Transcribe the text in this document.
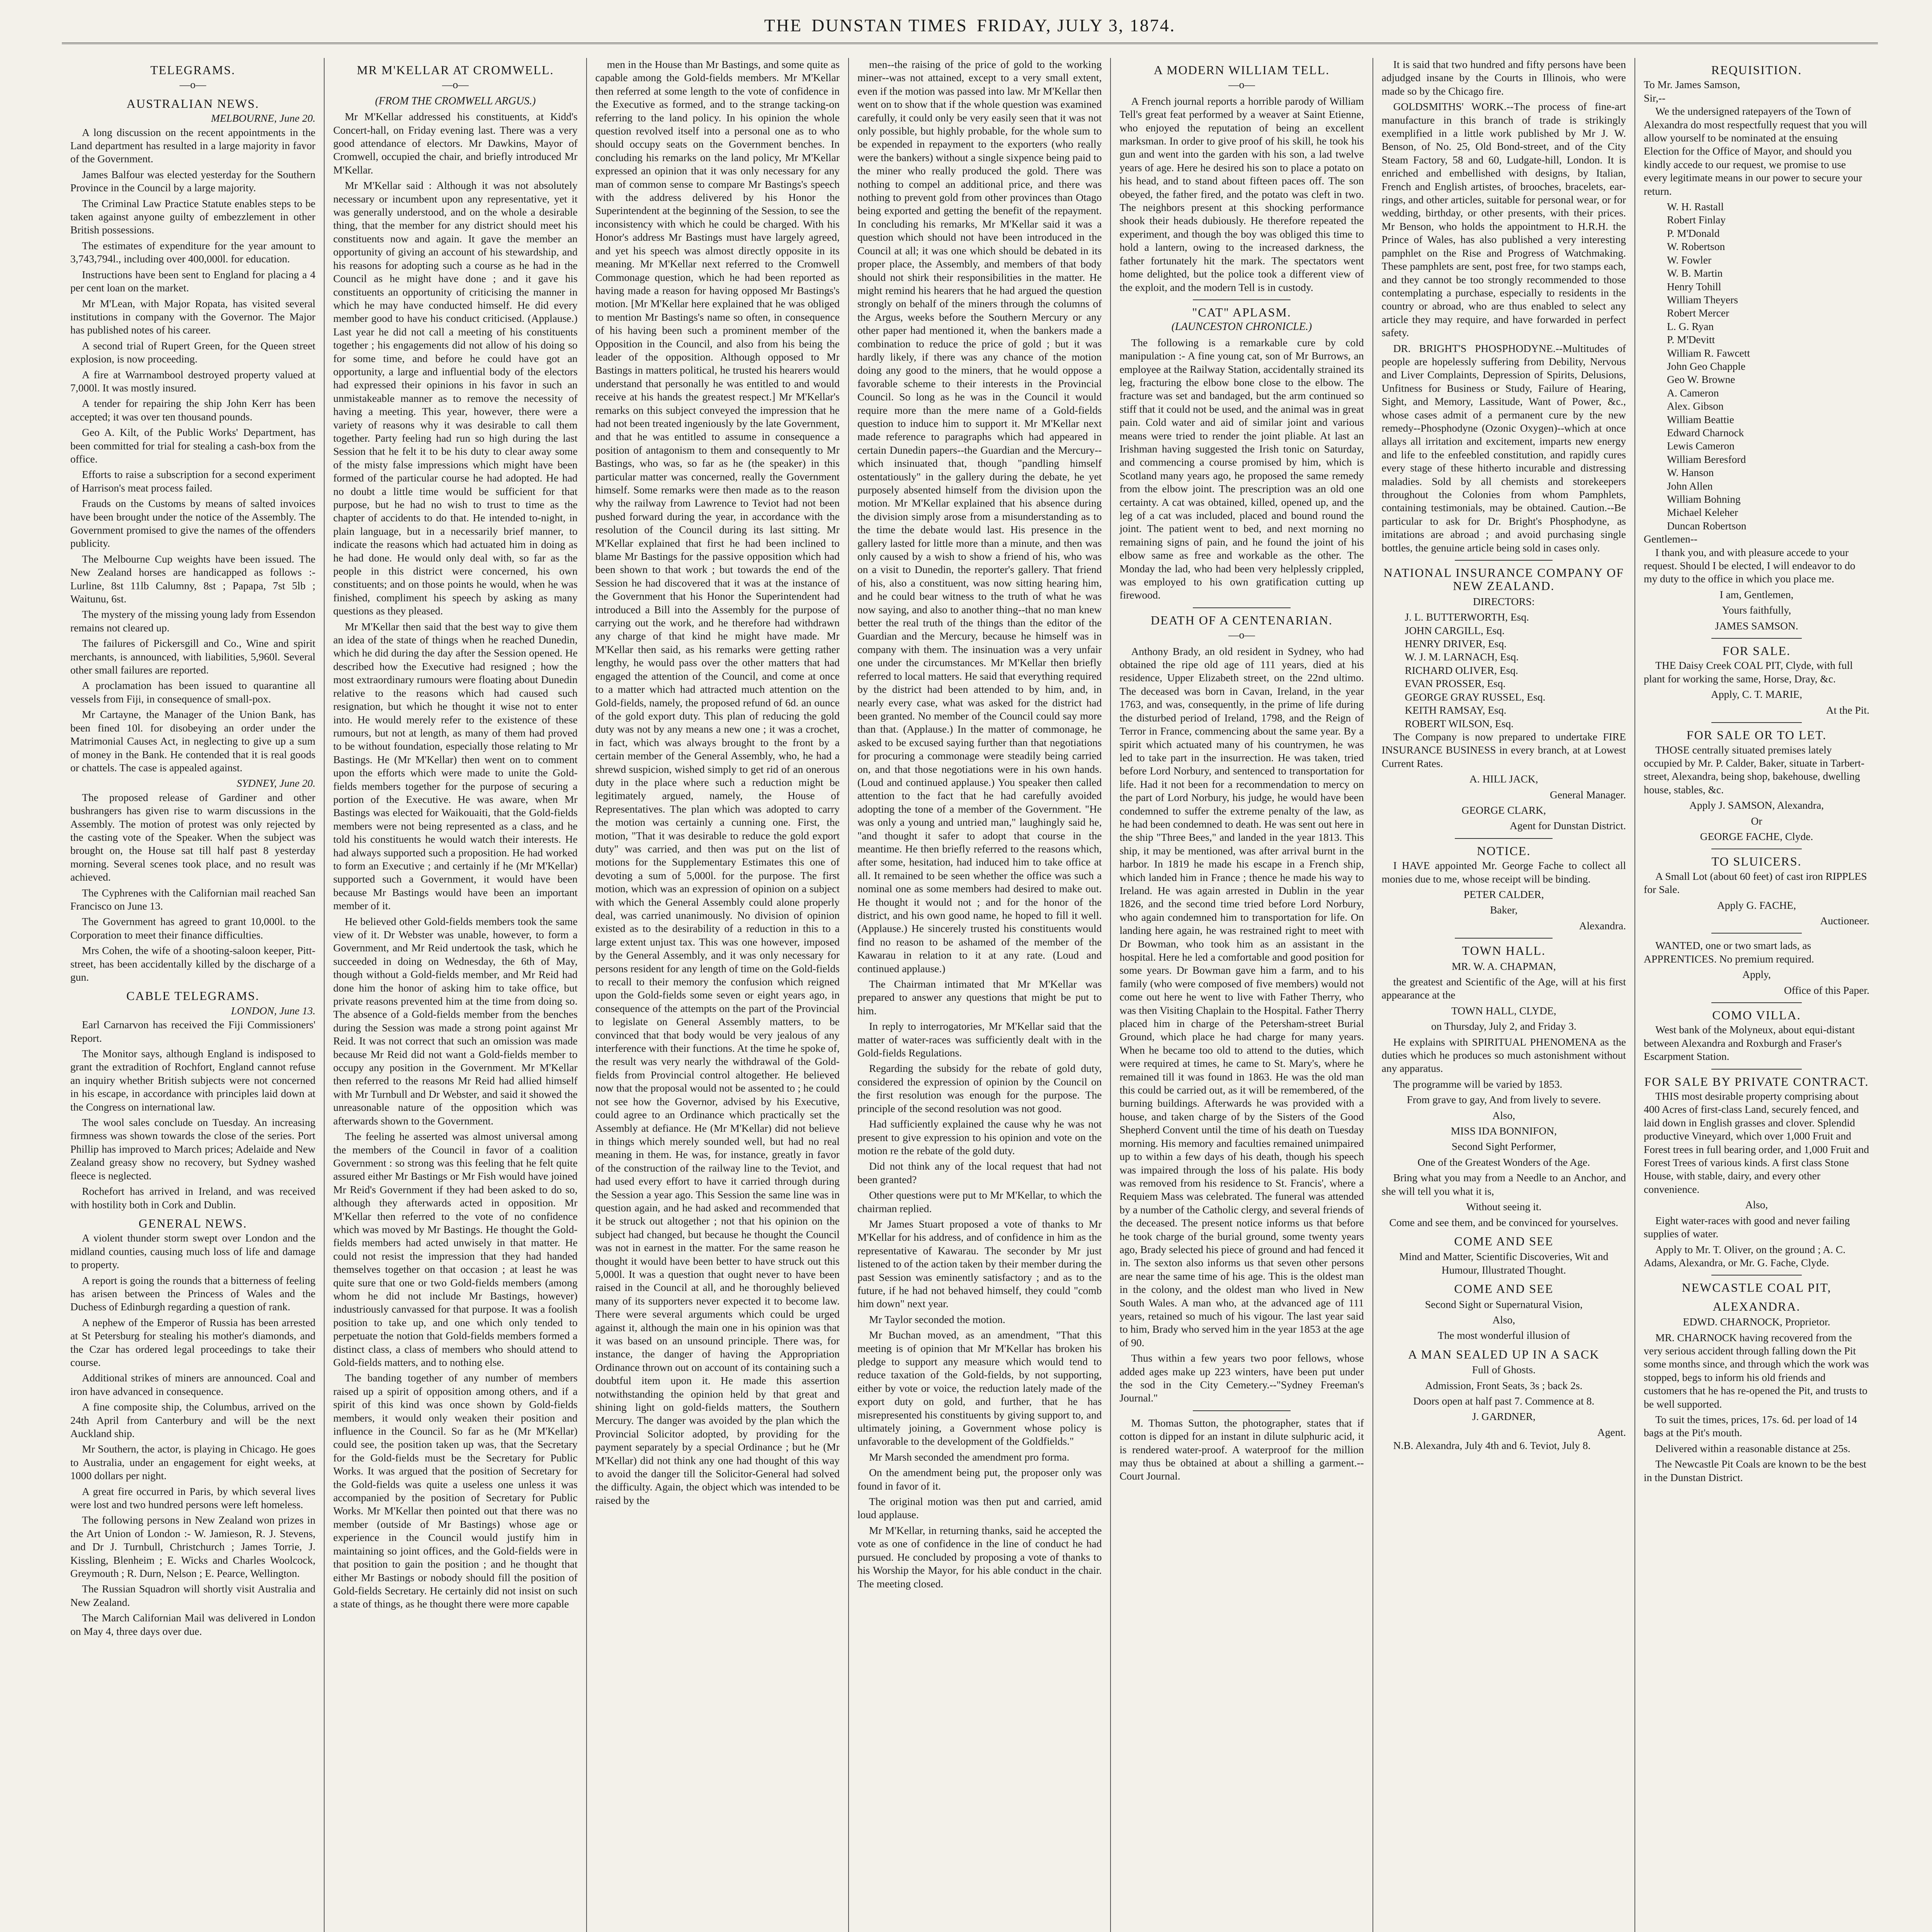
THE DUNSTAN TIMES FRIDAY, JULY 3, 1874.
TELEGRAMS.
—o—
AUSTRALIAN NEWS.
MELBOURNE, June 20.

A long discussion on the recent appointments in the Land department has resulted in a large majority in favor of the Government.

James Balfour was elected yesterday for the Southern Province in the Council by a large majority.

The Criminal Law Practice Statute enables steps to be taken against anyone guilty of embezzlement in other British possessions.

The estimates of expenditure for the year amount to 3,743,794l., including over 400,000l. for education.

Instructions have been sent to England for placing a 4 per cent loan on the market.

Mr M'Lean, with Major Ropata, has visited several institutions in company with the Governor. The Major has published notes of his career.

A second trial of Rupert Green, for the Queen street explosion, is now proceeding.

A fire at Warrnambool destroyed property valued at 7,000l. It was mostly insured.

A tender for repairing the ship John Kerr has been accepted; it was over ten thousand pounds.

Geo A. Kilt, of the Public Works' Department, has been committed for trial for stealing a cash-box from the office.

Efforts to raise a subscription for a second experiment of Harrison's meat process failed.

Frauds on the Customs by means of salted invoices have been brought under the notice of the Assembly. The Government promised to give the names of the offenders publicity.

The Melbourne Cup weights have been issued. The New Zealand horses are handicapped as follows :- Lurline, 8st 11lb Calumny, 8st ; Papapa, 7st 5lb ; Waitunu, 6st.

The mystery of the missing young lady from Essendon remains not cleared up.

The failures of Pickersgill and Co., Wine and spirit merchants, is announced, with liabilities, 5,960l. Several other small failures are reported.

A proclamation has been issued to quarantine all vessels from Fiji, in consequence of small-pox.

Mr Cartayne, the Manager of the Union Bank, has been fined 10l. for disobeying an order under the Matrimonial Causes Act, in neglecting to give up a sum of money in the Bank. He contended that it is real goods or chattels. The case is appealed against.

SYDNEY, June 20.

The proposed release of Gardiner and other bushrangers has given rise to warm discussions in the Assembly. The motion of protest was only rejected by the casting vote of the Speaker. When the subject was brought on, the House sat till half past 8 yesterday morning. Several scenes took place, and no result was achieved.

The Cyphrenes with the Californian mail reached San Francisco on June 13.

The Government has agreed to grant 10,000l. to the Corporation to meet their finance difficulties.

Mrs Cohen, the wife of a shooting-saloon keeper, Pitt-street, has been accidentally killed by the discharge of a gun.

CABLE TELEGRAMS.
LONDON, June 13.

Earl Carnarvon has received the Fiji Commissioners' Report.

The Monitor says, although England is indisposed to grant the extradition of Rochfort, England cannot refuse an inquiry whether British subjects were not concerned in his escape, in accordance with principles laid down at the Congress on international law.

The wool sales conclude on Tuesday. An increasing firmness was shown towards the close of the series. Port Phillip has improved to March prices; Adelaide and New Zealand greasy show no recovery, but Sydney washed fleece is neglected.

Rochefort has arrived in Ireland, and was received with hostility both in Cork and Dublin.

GENERAL NEWS.

A violent thunder storm swept over London and the midland counties, causing much loss of life and damage to property.

A report is going the rounds that a bitterness of feeling has arisen between the Princess of Wales and the Duchess of Edinburgh regarding a question of rank.

A nephew of the Emperor of Russia has been arrested at St Petersburg for stealing his mother's diamonds, and the Czar has ordered legal proceedings to take their course.

Additional strikes of miners are announced. Coal and iron have advanced in consequence.

A fine composite ship, the Columbus, arrived on the 24th April from Canterbury and will be the next Auckland ship.

Mr Southern, the actor, is playing in Chicago. He goes to Australia, under an engagement for eight weeks, at 1000 dollars per night.

A great fire occurred in Paris, by which several lives were lost and two hundred persons were left homeless.

The following persons in New Zealand won prizes in the Art Union of London :- W. Jamieson, R. J. Stevens, and Dr J. Turnbull, Christchurch ; James Torrie, J. Kissling, Blenheim ; E. Wicks and Charles Woolcock, Greymouth ; R. Durn, Nelson ; E. Pearce, Wellington.

The Russian Squadron will shortly visit Australia and New Zealand.

The March Californian Mail was delivered in London on May 4, three days over due.

MR M'KELLAR AT CROMWELL.
—o—
(FROM THE CROMWELL ARGUS.)

Mr M'Kellar addressed his constituents, at Kidd's Concert-hall, on Friday evening last. There was a very good attendance of electors. Mr Dawkins, Mayor of Cromwell, occupied the chair, and briefly introduced Mr M'Kellar.

Mr M'Kellar said : Although it was not absolutely necessary or incumbent upon any representative, yet it was generally understood, and on the whole a desirable thing, that the member for any district should meet his constituents now and again. It gave the member an opportunity of giving an account of his stewardship, and his reasons for adopting such a course as he had in the Council as he might have done ; and it gave his constituents an opportunity of criticising the manner in which he may have conducted himself. He did every member good to have his conduct criticised. (Applause.) Last year he did not call a meeting of his constituents together ; his engagements did not allow of his doing so for some time, and before he could have got an opportunity, a large and influential body of the electors had expressed their opinions in his favor in such an unmistakeable manner as to remove the necessity of having a meeting. This year, however, there were a variety of reasons why it was desirable to call them together. Party feeling had run so high during the last Session that he felt it to be his duty to clear away some of the misty false impressions which might have been formed of the particular course he had adopted. He had no doubt a little time would be sufficient for that purpose, but he had no wish to trust to time as the chapter of accidents to do that. He intended to-night, in plain language, but in a necessarily brief manner, to indicate the reasons which had actuated him in doing as he had done. He would only deal with, so far as the people in this district were concerned, his own constituents; and on those points he would, when he was finished, compliment his speech by asking as many questions as they pleased.

Mr M'Kellar then said that the best way to give them an idea of the state of things when he reached Dunedin, which he did during the day after the Session opened. He described how the Executive had resigned ; how the most extraordinary rumours were floating about Dunedin relative to the reasons which had caused such resignation, but which he thought it wise not to enter into. He would merely refer to the existence of these rumours, but not at length, as many of them had proved to be without foundation, especially those relating to Mr Bastings. He (Mr M'Kellar) then went on to comment upon the efforts which were made to unite the Gold-fields members together for the purpose of securing a portion of the Executive. He was aware, when Mr Bastings was elected for Waikouaiti, that the Gold-fields members were not being represented as a class, and he told his constituents he would watch their interests. He had always supported such a proposition. He had worked to form an Executive ; and certainly if he (Mr M'Kellar) supported such a Government, it would have been because Mr Bastings would have been an important member of it.

He believed other Gold-fields members took the same view of it. Dr Webster was unable, however, to form a Government, and Mr Reid undertook the task, which he succeeded in doing on Wednesday, the 6th of May, though without a Gold-fields member, and Mr Reid had done him the honor of asking him to take office, but private reasons prevented him at the time from doing so. The absence of a Gold-fields member from the benches during the Session was made a strong point against Mr Reid. It was not correct that such an omission was made because Mr Reid did not want a Gold-fields member to occupy any position in the Government. Mr M'Kellar then referred to the reasons Mr Reid had allied himself with Mr Turnbull and Dr Webster, and said it showed the unreasonable nature of the opposition which was afterwards shown to the Government.

The feeling he asserted was almost universal among the members of the Council in favor of a coalition Government : so strong was this feeling that he felt quite assured either Mr Bastings or Mr Fish would have joined Mr Reid's Government if they had been asked to do so, although they afterwards acted in opposition. Mr M'Kellar then referred to the vote of no confidence which was moved by Mr Bastings. He thought the Gold-fields members had acted unwisely in that matter. He could not resist the impression that they had handed themselves together on that occasion ; at least he was quite sure that one or two Gold-fields members (among whom he did not include Mr Bastings, however) industriously canvassed for that purpose. It was a foolish position to take up, and one which only tended to perpetuate the notion that Gold-fields members formed a distinct class, a class of members who should attend to Gold-fields matters, and to nothing else.

The banding together of any number of members raised up a spirit of opposition among others, and if a spirit of this kind was once shown by Gold-fields members, it would only weaken their position and influence in the Council. So far as he (Mr M'Kellar) could see, the position taken up was, that the Secretary for the Gold-fields must be the Secretary for Public Works. It was argued that the position of Secretary for the Gold-fields was quite a useless one unless it was accompanied by the position of Secretary for Public Works. Mr M'Kellar then pointed out that there was no member (outside of Mr Bastings) whose age or experience in the Council would justify him in maintaining so joint offices, and the Gold-fields were in that position to gain the position ; and he thought that either Mr Bastings or nobody should fill the position of Gold-fields Secretary. He certainly did not insist on such a state of things, as he thought there were more capable

men in the House than Mr Bastings, and some quite as capable among the Gold-fields members. Mr M'Kellar then referred at some length to the vote of confidence in the Executive as formed, and to the strange tacking-on referring to the land policy. In his opinion the whole question revolved itself into a personal one as to who should occupy seats on the Government benches. In concluding his remarks on the land policy, Mr M'Kellar expressed an opinion that it was only necessary for any man of common sense to compare Mr Bastings's speech with the address delivered by his Honor the Superintendent at the beginning of the Session, to see the inconsistency with which he could be charged. With his Honor's address Mr Bastings must have largely agreed, and yet his speech was almost directly opposite in its meaning. Mr M'Kellar next referred to the Cromwell Commonage question, which he had been reported as having made a reason for having opposed Mr Bastings's motion. [Mr M'Kellar here explained that he was obliged to mention Mr Bastings's name so often, in consequence of his having been such a prominent member of the Opposition in the Council, and also from his being the leader of the opposition. Although opposed to Mr Bastings in matters political, he trusted his hearers would understand that personally he was entitled to and would receive at his hands the greatest respect.] Mr M'Kellar's remarks on this subject conveyed the impression that he had not been treated ingeniously by the late Government, and that he was entitled to assume in consequence a position of antagonism to them and consequently to Mr Bastings, who was, so far as he (the speaker) in this particular matter was concerned, really the Government himself. Some remarks were then made as to the reason why the railway from Lawrence to Teviot had not been pushed forward during the year, in accordance with the resolution of the Council during its last sitting. Mr M'Kellar explained that first he had been inclined to blame Mr Bastings for the passive opposition which had been shown to that work ; but towards the end of the Session he had discovered that it was at the instance of the Government that his Honor the Superintendent had introduced a Bill into the Assembly for the purpose of carrying out the work, and he therefore had withdrawn any charge of that kind he might have made. Mr M'Kellar then said, as his remarks were getting rather lengthy, he would pass over the other matters that had engaged the attention of the Council, and come at once to a matter which had attracted much attention on the Gold-fields, namely, the proposed refund of 6d. an ounce of the gold export duty. This plan of reducing the gold duty was not by any means a new one ; it was a crochet, in fact, which was always brought to the front by a certain member of the General Assembly, who, he had a shrewd suspicion, wished simply to get rid of an onerous duty in the place where such a reduction might be legitimately argued, namely, the House of Representatives. The plan which was adopted to carry the motion was certainly a cunning one. First, the motion, "That it was desirable to reduce the gold export duty" was carried, and then was put on the list of motions for the Supplementary Estimates this one of devoting a sum of 5,000l. for the purpose. The first motion, which was an expression of opinion on a subject with which the General Assembly could alone properly deal, was carried unanimously. No division of opinion existed as to the desirability of a reduction in this to a large extent unjust tax. This was one however, imposed by the General Assembly, and it was only necessary for persons resident for any length of time on the Gold-fields to recall to their memory the confusion which reigned upon the Gold-fields some seven or eight years ago, in consequence of the attempts on the part of the Provincial to legislate on General Assembly matters, to be convinced that that body would be very jealous of any interference with their functions. At the time he spoke of, the result was very nearly the withdrawal of the Gold-fields from Provincial control altogether. He believed now that the proposal would not be assented to ; he could not see how the Governor, advised by his Executive, could agree to an Ordinance which practically set the Assembly at defiance. He (Mr M'Kellar) did not believe in things which merely sounded well, but had no real meaning in them. He was, for instance, greatly in favor of the construction of the railway line to the Teviot, and had used every effort to have it carried through during the Session a year ago. This Session the same line was in question again, and he had asked and recommended that it be struck out altogether ; not that his opinion on the subject had changed, but because he thought the Council was not in earnest in the matter. For the same reason he thought it would have been better to have struck out this 5,000l. It was a question that ought never to have been raised in the Council at all, and he thoroughly believed many of its supporters never expected it to become law. There were several arguments which could be urged against it, although the main one in his opinion was that it was based on an unsound principle. There was, for instance, the danger of having the Appropriation Ordinance thrown out on account of its containing such a doubtful item upon it. He made this assertion notwithstanding the opinion held by that great and shining light on gold-fields matters, the Southern Mercury. The danger was avoided by the plan which the Provincial Solicitor adopted, by providing for the payment separately by a special Ordinance ; but he (Mr M'Kellar) did not think any one had thought of this way to avoid the danger till the Solicitor-General had solved the difficulty. Again, the object which was intended to be raised by the

men--the raising of the price of gold to the working miner--was not attained, except to a very small extent, even if the motion was passed into law. Mr M'Kellar then went on to show that if the whole question was examined carefully, it could only be very easily seen that it was not only possible, but highly probable, for the whole sum to be expended in repayment to the exporters (who really were the bankers) without a single sixpence being paid to the miner who really produced the gold. There was nothing to compel an additional price, and there was nothing to prevent gold from other provinces than Otago being exported and getting the benefit of the repayment. In concluding his remarks, Mr M'Kellar said it was a question which should not have been introduced in the Council at all; it was one which should be debated in its proper place, the Assembly, and members of that body should not shirk their responsibilities in the matter. He might remind his hearers that he had argued the question strongly on behalf of the miners through the columns of the Argus, weeks before the Southern Mercury or any other paper had mentioned it, when the bankers made a combination to reduce the price of gold ; but it was hardly likely, if there was any chance of the motion doing any good to the miners, that he would oppose a favorable scheme to their interests in the Provincial Council. So long as he was in the Council it would require more than the mere name of a Gold-fields question to induce him to support it. Mr M'Kellar next made reference to paragraphs which had appeared in certain Dunedin papers--the Guardian and the Mercury--which insinuated that, though "pandling himself ostentatiously" in the gallery during the debate, he yet purposely absented himself from the division upon the motion. Mr M'Kellar explained that his absence during the division simply arose from a misunderstanding as to the time the debate would last. His presence in the gallery lasted for little more than a minute, and then was only caused by a wish to show a friend of his, who was on a visit to Dunedin, the reporter's gallery. That friend of his, also a constituent, was now sitting hearing him, and he could bear witness to the truth of what he was now saying, and also to another thing--that no man knew better the real truth of the things than the editor of the Guardian and the Mercury, because he himself was in company with them. The insinuation was a very unfair one under the circumstances. Mr M'Kellar then briefly referred to local matters. He said that everything required by the district had been attended to by him, and, in nearly every case, what was asked for the district had been granted. No member of the Council could say more than that. (Applause.) In the matter of commonage, he asked to be excused saying further than that negotiations for procuring a commonage were steadily being carried on, and that those negotiations were in his own hands. (Loud and continued applause.) You speaker then called attention to the fact that he had carefully avoided adopting the tone of a member of the Government. "He was only a young and untried man," laughingly said he, "and thought it safer to adopt that course in the meantime. He then briefly referred to the reasons which, after some, hesitation, had induced him to take office at all. It remained to be seen whether the office was such a nominal one as some members had desired to make out. He thought it would not ; and for the honor of the district, and his own good name, he hoped to fill it well. (Applause.) He sincerely trusted his constituents would find no reason to be ashamed of the member of the Kawarau in relation to it at any rate. (Loud and continued applause.)

The Chairman intimated that Mr M'Kellar was prepared to answer any questions that might be put to him.

In reply to interrogatories, Mr M'Kellar said that the matter of water-races was sufficiently dealt with in the Gold-fields Regulations.

Regarding the subsidy for the rebate of gold duty, considered the expression of opinion by the Council on the first resolution was enough for the purpose. The principle of the second resolution was not good.

Had sufficiently explained the cause why he was not present to give expression to his opinion and vote on the motion re the rebate of the gold duty.

Did not think any of the local request that had not been granted?

Other questions were put to Mr M'Kellar, to which the chairman replied.

Mr James Stuart proposed a vote of thanks to Mr M'Kellar for his address, and of confidence in him as the representative of Kawarau. The seconder by Mr just listened to of the action taken by their member during the past Session was eminently satisfactory ; and as to the future, if he had not behaved himself, they could "comb him down" next year.

Mr Taylor seconded the motion.

Mr Buchan moved, as an amendment, "That this meeting is of opinion that Mr M'Kellar has broken his pledge to support any measure which would tend to reduce taxation of the Gold-fields, by not supporting, either by vote or voice, the reduction lately made of the export duty on gold, and further, that he has misrepresented his constituents by giving support to, and ultimately joining, a Government whose policy is unfavorable to the development of the Goldfields."

Mr Marsh seconded the amendment pro forma.

On the amendment being put, the proposer only was found in favor of it.

The original motion was then put and carried, amid loud applause.

Mr M'Kellar, in returning thanks, said he accepted the vote as one of confidence in the line of conduct he had pursued. He concluded by proposing a vote of thanks to his Worship the Mayor, for his able conduct in the chair. The meeting closed.

A MODERN WILLIAM TELL.
—o—

A French journal reports a horrible parody of William Tell's great feat performed by a weaver at Saint Etienne, who enjoyed the reputation of being an excellent marksman. In order to give proof of his skill, he took his gun and went into the garden with his son, a lad twelve years of age. Here he desired his son to place a potato on his head, and to stand about fifteen paces off. The son obeyed, the father fired, and the potato was cleft in two. The neighbors present at this shocking performance shook their heads dubiously. He therefore repeated the experiment, and though the boy was obliged this time to hold a lantern, owing to the increased darkness, the father fortunately hit the mark. The spectators went home delighted, but the police took a different view of the exploit, and the modern Tell is in custody.

"CAT" APLASM.
(LAUNCESTON CHRONICLE.)

The following is a remarkable cure by cold manipulation :- A fine young cat, son of Mr Burrows, an employee at the Railway Station, accidentally strained its leg, fracturing the elbow bone close to the elbow. The fracture was set and bandaged, but the arm continued so stiff that it could not be used, and the animal was in great pain. Cold water and aid of similar joint and various means were tried to render the joint pliable. At last an Irishman having suggested the Irish tonic on Saturday, and commencing a course promised by him, which is Scotland many years ago, he proposed the same remedy from the elbow joint. The prescription was an old one certainty. A cat was obtained, killed, opened up, and the leg of a cat was included, placed and bound round the joint. The patient went to bed, and next morning no remaining signs of pain, and he found the joint of his elbow same as free and workable as the other. The Monday the lad, who had been very helplessly crippled, was employed to his own gratification cutting up firewood.

DEATH OF A CENTENARIAN.
—o—

Anthony Brady, an old resident in Sydney, who had obtained the ripe old age of 111 years, died at his residence, Upper Elizabeth street, on the 22nd ultimo. The deceased was born in Cavan, Ireland, in the year 1763, and was, consequently, in the prime of life during the disturbed period of Ireland, 1798, and the Reign of Terror in France, commencing about the same year. By a spirit which actuated many of his countrymen, he was led to take part in the insurrection. He was taken, tried before Lord Norbury, and sentenced to transportation for life. Had it not been for a recommendation to mercy on the part of Lord Norbury, his judge, he would have been condemned to suffer the extreme penalty of the law, as he had been condemned to death. He was sent out here in the ship "Three Bees," and landed in the year 1813. This ship, it may be mentioned, was after arrival burnt in the harbor. In 1819 he made his escape in a French ship, which landed him in France ; thence he made his way to Ireland. He was again arrested in Dublin in the year 1826, and the second time tried before Lord Norbury, who again condemned him to transportation for life. On landing here again, he was restrained right to meet with Dr Bowman, who took him as an assistant in the hospital. Here he led a comfortable and good position for some years. Dr Bowman gave him a farm, and to his family (who were composed of five members) would not come out here he went to live with Father Therry, who was then Visiting Chaplain to the Hospital. Father Therry placed him in charge of the Petersham-street Burial Ground, which place he had charge for many years. When he became too old to attend to the duties, which were required at times, he came to St. Mary's, where he remained till it was found in 1863. He was the old man this could be carried out, as it will be remembered, of the burning buildings. Afterwards he was provided with a house, and taken charge of by the Sisters of the Good Shepherd Convent until the time of his death on Tuesday morning. His memory and faculties remained unimpaired up to within a few days of his death, though his speech was impaired through the loss of his palate. His body was removed from his residence to St. Francis', where a Requiem Mass was celebrated. The funeral was attended by a number of the Catholic clergy, and several friends of the deceased. The present notice informs us that before he took charge of the burial ground, some twenty years ago, Brady selected his piece of ground and had fenced it in. The sexton also informs us that seven other persons are near the same time of his age. This is the oldest man in the colony, and the oldest man who lived in New South Wales. A man who, at the advanced age of 111 years, retained so much of his vigour. The last year said to him, Brady who served him in the year 1853 at the age of 90.

Thus within a few years two poor fellows, whose added ages make up 223 winters, have been put under the sod in the City Cemetery.--"Sydney Freeman's Journal."

M. Thomas Sutton, the photographer, states that if cotton is dipped for an instant in dilute sulphuric acid, it is rendered water-proof. A waterproof for the million may thus be obtained at about a shilling a garment.--Court Journal.

It is said that two hundred and fifty persons have been adjudged insane by the Courts in Illinois, who were made so by the Chicago fire.

GOLDSMITHS' WORK.--The process of fine-art manufacture in this branch of trade is strikingly exemplified in a little work published by Mr J. W. Benson, of No. 25, Old Bond-street, and of the City Steam Factory, 58 and 60, Ludgate-hill, London. It is enriched and embellished with designs, by Italian, French and English artistes, of brooches, bracelets, ear-rings, and other articles, suitable for personal wear, or for wedding, birthday, or other presents, with their prices. Mr Benson, who holds the appointment to H.R.H. the Prince of Wales, has also published a very interesting pamphlet on the Rise and Progress of Watchmaking. These pamphlets are sent, post free, for two stamps each, and they cannot be too strongly recommended to those contemplating a purchase, especially to residents in the country or abroad, who are thus enabled to select any article they may require, and have forwarded in perfect safety.

DR. BRIGHT'S PHOSPHODYNE.--Multitudes of people are hopelessly suffering from Debility, Nervous and Liver Complaints, Depression of Spirits, Delusions, Unfitness for Business or Study, Failure of Hearing, Sight, and Memory, Lassitude, Want of Power, &c., whose cases admit of a permanent cure by the new remedy--Phosphodyne (Ozonic Oxygen)--which at once allays all irritation and excitement, imparts new energy and life to the enfeebled constitution, and rapidly cures every stage of these hitherto incurable and distressing maladies. Sold by all chemists and storekeepers throughout the Colonies from whom Pamphlets, containing testimonials, may be obtained. Caution.--Be particular to ask for Dr. Bright's Phosphodyne, as imitations are abroad ; and avoid purchasing single bottles, the genuine article being sold in cases only.

NATIONAL INSURANCE COMPANY OF NEW ZEALAND.
DIRECTORS:
J. L. BUTTERWORTH, Esq.
JOHN CARGILL, Esq.
HENRY DRIVER, Esq.
W. J. M. LARNACH, Esq.
RICHARD OLIVER, Esq.
EVAN PROSSER, Esq.
GEORGE GRAY RUSSEL, Esq.
KEITH RAMSAY, Esq.
ROBERT WILSON, Esq.

The Company is now prepared to undertake FIRE INSURANCE BUSINESS in every branch, at at Lowest Current Rates.

A. HILL JACK,
General Manager.
GEORGE CLARK,
Agent for Dunstan District.
NOTICE.

I HAVE appointed Mr. George Fache to collect all monies due to me, whose receipt will be binding.

PETER CALDER,
Baker,
Alexandra.
TOWN HALL.
MR. W. A. CHAPMAN,

the greatest and Scientific of the Age, will at his first appearance at the

TOWN HALL, CLYDE,
on Thursday, July 2, and Friday 3.

He explains with SPIRITUAL PHENOMENA as the duties which he produces so much astonishment without any apparatus.

The programme will be varied by 1853.

From grave to gay, And from lively to severe.
Also,
MISS IDA BONNIFON,
Second Sight Performer,
One of the Greatest Wonders of the Age.

Bring what you may from a Needle to an Anchor, and she will tell you what it is,

Without seeing it.
Come and see them, and be convinced for yourselves.
COME AND SEE
Mind and Matter, Scientific Discoveries, Wit and Humour, Illustrated Thought.
COME AND SEE
Second Sight or Supernatural Vision,
Also,
The most wonderful illusion of
A MAN SEALED UP IN A SACK
Full of Ghosts.
Admission, Front Seats, 3s ; back 2s.
Doors open at half past 7. Commence at 8.
J. GARDNER,
Agent.

N.B. Alexandra, July 4th and 6. Teviot, July 8.

REQUISITION.
To Mr. James Samson,
Sir,--

We the undersigned ratepayers of the Town of Alexandra do most respectfully request that you will allow yourself to be nominated at the ensuing Election for the Office of Mayor, and should you kindly accede to our request, we promise to use every legitimate means in our power to secure your return.

W. H. Rastall
Robert Finlay
P. M'Donald
W. Robertson
W. Fowler
W. B. Martin
Henry Tohill
William Theyers
Robert Mercer
L. G. Ryan
P. M'Devitt
William R. Fawcett
John Geo Chapple
Geo W. Browne
A. Cameron
Alex. Gibson
William Beattie
Edward Charnock
Lewis Cameron
William Beresford
W. Hanson
John Allen
William Bohning
Michael Keleher
Duncan Robertson
Gentlemen--

I thank you, and with pleasure accede to your request. Should I be elected, I will endeavor to do my duty to the office in which you place me.

I am, Gentlemen,
Yours faithfully,
JAMES SAMSON.
FOR SALE.

THE Daisy Creek COAL PIT, Clyde, with full plant for working the same, Horse, Dray, &c.

Apply, C. T. MARIE,
At the Pit.
FOR SALE OR TO LET.

THOSE centrally situated premises lately occupied by Mr. P. Calder, Baker, situate in Tarbert-street, Alexandra, being shop, bakehouse, dwelling house, stables, &c.

Apply J. SAMSON, Alexandra,
Or
GEORGE FACHE, Clyde.
TO SLUICERS.

A Small Lot (about 60 feet) of cast iron RIPPLES for Sale.

Apply G. FACHE,
Auctioneer.

WANTED, one or two smart lads, as APPRENTICES. No premium required.

Apply,
Office of this Paper.
COMO VILLA.

West bank of the Molyneux, about equi-distant between Alexandra and Roxburgh and Fraser's Escarpment Station.

FOR SALE BY PRIVATE CONTRACT.

THIS most desirable property comprising about 400 Acres of first-class Land, securely fenced, and laid down in English grasses and clover. Splendid productive Vineyard, which over 1,000 Fruit and Forest trees in full bearing order, and 1,000 Fruit and Forest Trees of various kinds. A first class Stone House, with stable, dairy, and every other convenience.

Also,

Eight water-races with good and never failing supplies of water.

Apply to Mr. T. Oliver, on the ground ; A. C. Adams, Alexandra, or Mr. G. Fache, Clyde.

NEWCASTLE COAL PIT,
ALEXANDRA.
EDWD. CHARNOCK, Proprietor.

MR. CHARNOCK having recovered from the very serious accident through falling down the Pit some months since, and through which the work was stopped, begs to inform his old friends and customers that he has re-opened the Pit, and trusts to be well supported.

To suit the times, prices, 17s. 6d. per load of 14 bags at the Pit's mouth.

Delivered within a reasonable distance at 25s.

The Newcastle Pit Coals are known to be the best in the Dunstan District.
